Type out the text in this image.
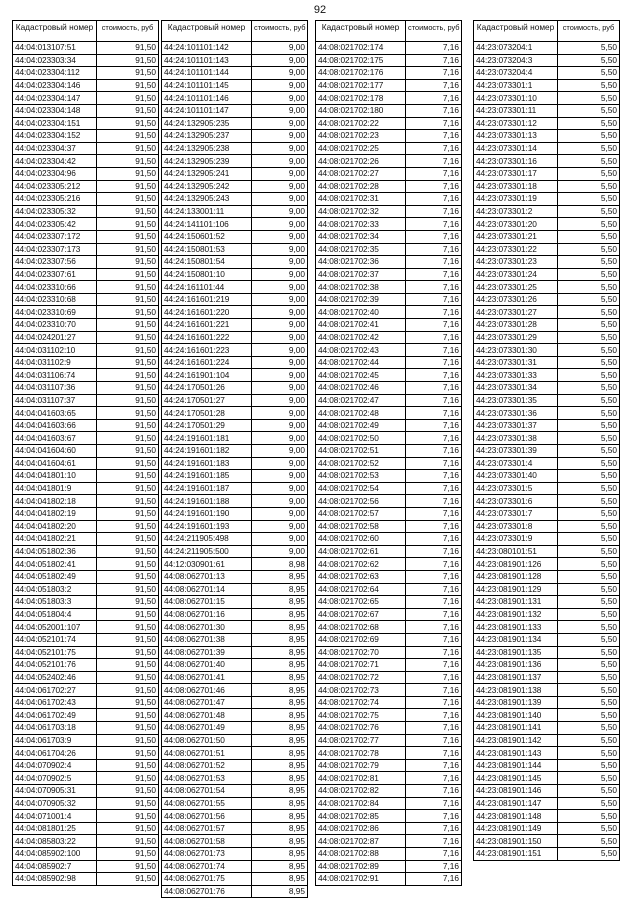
92
Кадастровый номер	стоимость, руб
44:04:013107:51	91,50
44:04:023303:34	91,50
44:04:023304:112	91,50
44:04:023304:146	91,50
44:04:023304:147	91,50
44:04:023304:148	91,50
44:04:023304:151	91,50
44:04:023304:152	91,50
44:04:023304:37	91,50
44:04:023304:42	91,50
44:04:023304:96	91,50
44:04:023305:212	91,50
44:04:023305:216	91,50
44:04:023305:32	91,50
44:04:023305:42	91,50
44:04:023307:172	91,50
44:04:023307:173	91,50
44:04:023307:56	91,50
44:04:023307:61	91,50
44:04:023310:66	91,50
44:04:023310:68	91,50
44:04:023310:69	91,50
44:04:023310:70	91,50
44:04:024201:27	91,50
44:04:031102:10	91,50
44:04:031102:9	91,50
44:04:031106:74	91,50
44:04:031107:36	91,50
44:04:031107:37	91,50
44:04:041603:65	91,50
44:04:041603:66	91,50
44:04:041603:67	91,50
44:04:041604:60	91,50
44:04:041604:61	91,50
44:04:041801:10	91,50
44:04:041801:9	91,50
44:04:041802:18	91,50
44:04:041802:19	91,50
44:04:041802:20	91,50
44:04:041802:21	91,50
44:04:051802:36	91,50
44:04:051802:41	91,50
44:04:051802:49	91,50
44:04:051803:2	91,50
44:04:051803:3	91,50
44:04:051804:4	91,50
44:04:052001:107	91,50
44:04:052101:74	91,50
44:04:052101:75	91,50
44:04:052101:76	91,50
44:04:052402:46	91,50
44:04:061702:27	91,50
44:04:061702:43	91,50
44:04:061702:49	91,50
44:04:061703:18	91,50
44:04:061703:9	91,50
44:04:061704:26	91,50
44:04:070902:4	91,50
44:04:070902:5	91,50
44:04:070905:31	91,50
44:04:070905:32	91,50
44:04:071001:4	91,50
44:04:081801:25	91,50
44:04:085803:22	91,50
44:04:085902:100	91,50
44:04:085902:7	91,50
44:04:085902:98	91,50
Кадастровый номер	стоимость, руб
44:24:101101:142	9,00
44:24:101101:143	9,00
44:24:101101:144	9,00
44:24:101101:145	9,00
44:24:101101:146	9,00
44:24:101101:147	9,00
44:24:132905:235	9,00
44:24:132905:237	9,00
44:24:132905:238	9,00
44:24:132905:239	9,00
44:24:132905:241	9,00
44:24:132905:242	9,00
44:24:132905:243	9,00
44:24:133001:11	9,00
44:24:141101:106	9,00
44:24:150601:52	9,00
44:24:150801:53	9,00
44:24:150801:54	9,00
44:24:150801:10	9,00
44:24:161101:44	9,00
44:24:161601:219	9,00
44:24:161601:220	9,00
44:24:161601:221	9,00
44:24:161601:222	9,00
44:24:161601:223	9,00
44:24:161601:224	9,00
44:24:161901:104	9,00
44:24:170501:26	9,00
44:24:170501:27	9,00
44:24:170501:28	9,00
44:24:170501:29	9,00
44:24:191601:181	9,00
44:24:191601:182	9,00
44:24:191601:183	9,00
44:24:191601:185	9,00
44:24:191601:187	9,00
44:24:191601:188	9,00
44:24:191601:190	9,00
44:24:191601:193	9,00
44:24:211905:498	9,00
44:24:211905:500	9,00
44:12:030901:61	8,98
44:08:062701:13	8,95
44:08:062701:14	8,95
44:08:062701:15	8,95
44:08:062701:16	8,95
44:08:062701:30	8,95
44:08:062701:38	8,95
44:08:062701:39	8,95
44:08:062701:40	8,95
44:08:062701:41	8,95
44:08:062701:46	8,95
44:08:062701:47	8,95
44:08:062701:48	8,95
44:08:062701:49	8,95
44:08:062701:50	8,95
44:08:062701:51	8,95
44:08:062701:52	8,95
44:08:062701:53	8,95
44:08:062701:54	8,95
44:08:062701:55	8,95
44:08:062701:56	8,95
44:08:062701:57	8,95
44:08:062701:58	8,95
44:08:062701:73	8,95
44:08:062701:74	8,95
44:08:062701:75	8,95
44:08:062701:76	8,95
Кадастровый номер	стоимость, руб
44:08:021702:174	7,16
44:08:021702:175	7,16
44:08:021702:176	7,16
44:08:021702:177	7,16
44:08:021702:178	7,16
44:08:021702:180	7,16
44:08:021702:22	7,16
44:08:021702:23	7,16
44:08:021702:25	7,16
44:08:021702:26	7,16
44:08:021702:27	7,16
44:08:021702:28	7,16
44:08:021702:31	7,16
44:08:021702:32	7,16
44:08:021702:33	7,16
44:08:021702:34	7,16
44:08:021702:35	7,16
44:08:021702:36	7,16
44:08:021702:37	7,16
44:08:021702:38	7,16
44:08:021702:39	7,16
44:08:021702:40	7,16
44:08:021702:41	7,16
44:08:021702:42	7,16
44:08:021702:43	7,16
44:08:021702:44	7,16
44:08:021702:45	7,16
44:08:021702:46	7,16
44:08:021702:47	7,16
44:08:021702:48	7,16
44:08:021702:49	7,16
44:08:021702:50	7,16
44:08:021702:51	7,16
44:08:021702:52	7,16
44:08:021702:53	7,16
44:08:021702:54	7,16
44:08:021702:56	7,16
44:08:021702:57	7,16
44:08:021702:58	7,16
44:08:021702:60	7,16
44:08:021702:61	7,16
44:08:021702:62	7,16
44:08:021702:63	7,16
44:08:021702:64	7,16
44:08:021702:65	7,16
44:08:021702:67	7,16
44:08:021702:68	7,16
44:08:021702:69	7,16
44:08:021702:70	7,16
44:08:021702:71	7,16
44:08:021702:72	7,16
44:08:021702:73	7,16
44:08:021702:74	7,16
44:08:021702:75	7,16
44:08:021702:76	7,16
44:08:021702:77	7,16
44:08:021702:78	7,16
44:08:021702:79	7,16
44:08:021702:81	7,16
44:08:021702:82	7,16
44:08:021702:84	7,16
44:08:021702:85	7,16
44:08:021702:86	7,16
44:08:021702:87	7,16
44:08:021702:88	7,16
44:08:021702:89	7,16
44:08:021702:91	7,16
Кадастровый номер	стоимость, руб
44:23:073204:1	5,50
44:23:073204:3	5,50
44:23:073204:4	5,50
44:23:073301:1	5,50
44:23:073301:10	5,50
44:23:073301:11	5,50
44:23:073301:12	5,50
44:23:073301:13	5,50
44:23:073301:14	5,50
44:23:073301:16	5,50
44:23:073301:17	5,50
44:23:073301:18	5,50
44:23:073301:19	5,50
44:23:073301:2	5,50
44:23:073301:20	5,50
44:23:073301:21	5,50
44:23:073301:22	5,50
44:23:073301:23	5,50
44:23:073301:24	5,50
44:23:073301:25	5,50
44:23:073301:26	5,50
44:23:073301:27	5,50
44:23:073301:28	5,50
44:23:073301:29	5,50
44:23:073301:30	5,50
44:23:073301:31	5,50
44:23:073301:33	5,50
44:23:073301:34	5,50
44:23:073301:35	5,50
44:23:073301:36	5,50
44:23:073301:37	5,50
44:23:073301:38	5,50
44:23:073301:39	5,50
44:23:073301:4	5,50
44:23:073301:40	5,50
44:23:073301:5	5,50
44:23:073301:6	5,50
44:23:073301:7	5,50
44:23:073301:8	5,50
44:23:073301:9	5,50
44:23:080101:51	5,50
44:23:081901:126	5,50
44:23:081901:128	5,50
44:23:081901:129	5,50
44:23:081901:131	5,50
44:23:081901:132	5,50
44:23:081901:133	5,50
44:23:081901:134	5,50
44:23:081901:135	5,50
44:23:081901:136	5,50
44:23:081901:137	5,50
44:23:081901:138	5,50
44:23:081901:139	5,50
44:23:081901:140	5,50
44:23:081901:141	5,50
44:23:081901:142	5,50
44:23:081901:143	5,50
44:23:081901:144	5,50
44:23:081901:145	5,50
44:23:081901:146	5,50
44:23:081901:147	5,50
44:23:081901:148	5,50
44:23:081901:149	5,50
44:23:081901:150	5,50
44:23:081901:151	5,50
